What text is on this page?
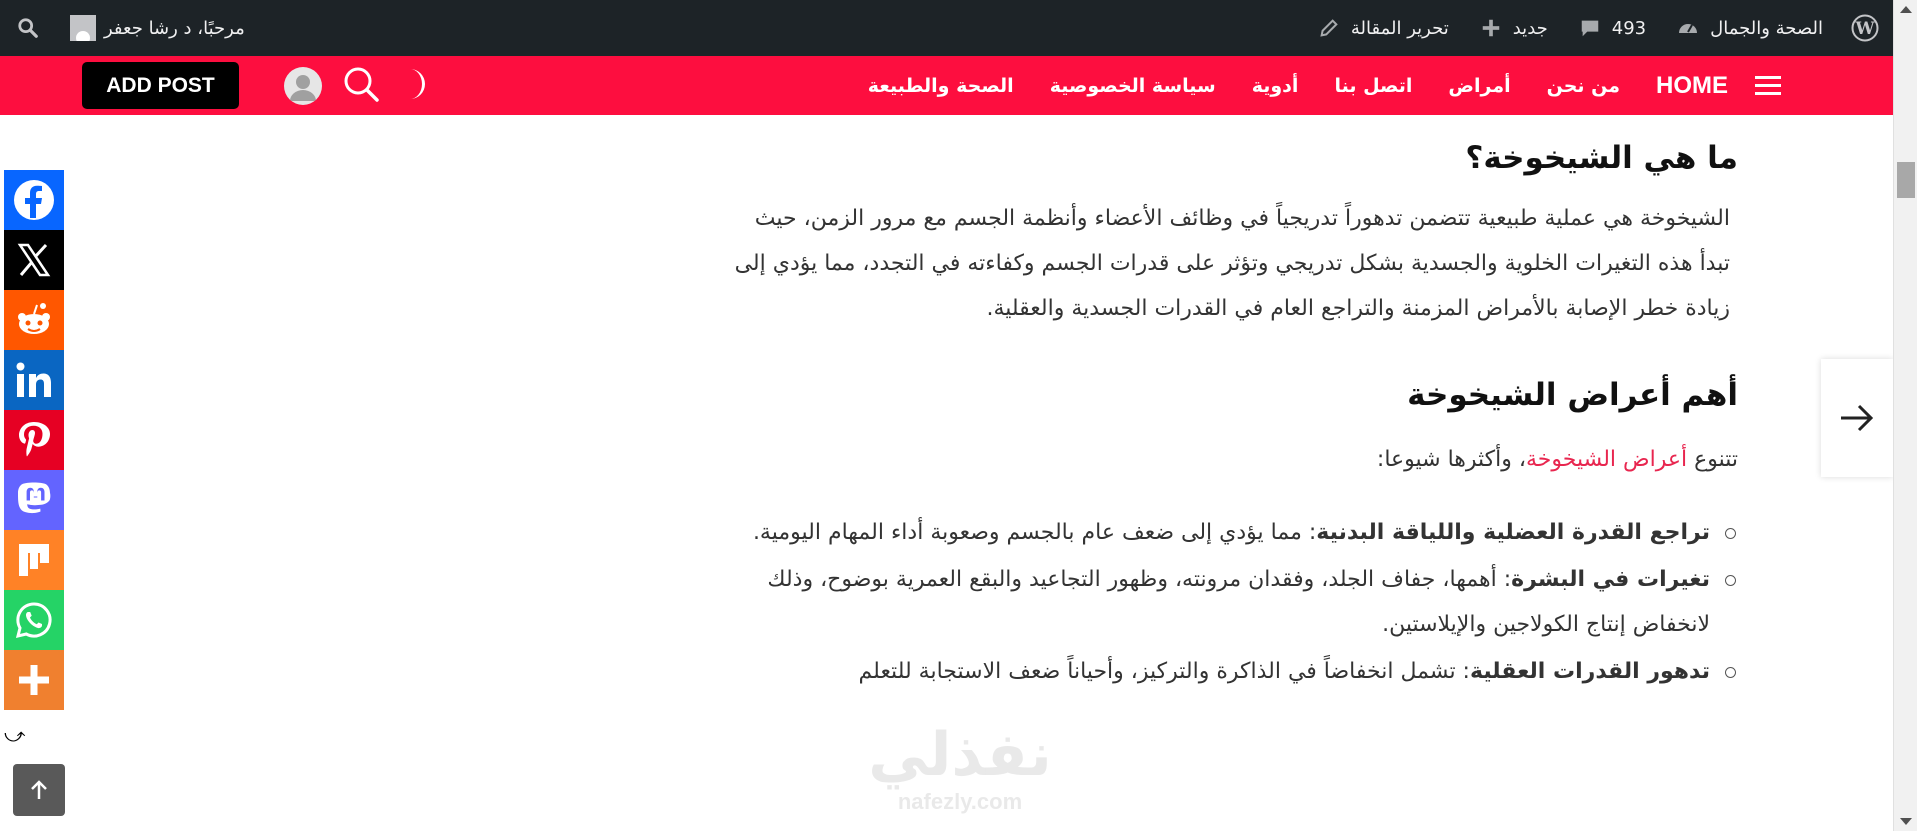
مرحبًا، د رشا جعفر	W
الصحة والجمال
493
جديد
تحرير المقالة
ADD POST	HOME
من نحن
أمراض
اتصل بنا
أدوية
سياسة الخصوصية
الصحة والطبيعة
⤻
ما هي الشيخوخة؟

الشيخوخة هي عملية طبيعية تتضمن تدهوراً تدريجياً في وظائف الأعضاء وأنظمة الجسم مع مرور الزمن، حيث تبدأ هذه التغيرات الخلوية والجسدية بشكل تدريجي وتؤثر على قدرات الجسم وكفاءته في التجدد، مما يؤدي إلى زيادة خطر الإصابة بالأمراض المزمنة والتراجع العام في القدرات الجسدية والعقلية.

أهم أعراض الشيخوخة

تتنوع أعراض الشيخوخة، وأكثرها شيوعا:

تراجع القدرة العضلية واللياقة البدنية: مما يؤدي إلى ضعف عام بالجسم وصعوبة أداء المهام اليومية.
تغيرات في البشرة: أهمها، جفاف الجلد، وفقدان مرونته، وظهور التجاعيد والبقع العمرية بوضوح، وذلك لانخفاض إنتاج الكولاجين والإيلاستين.
تدهور القدرات العقلية: تشمل انخفاضاً في الذاكرة والتركيز، وأحياناً ضعف الاستجابة للتعلم
نفذلي
nafezly.com
